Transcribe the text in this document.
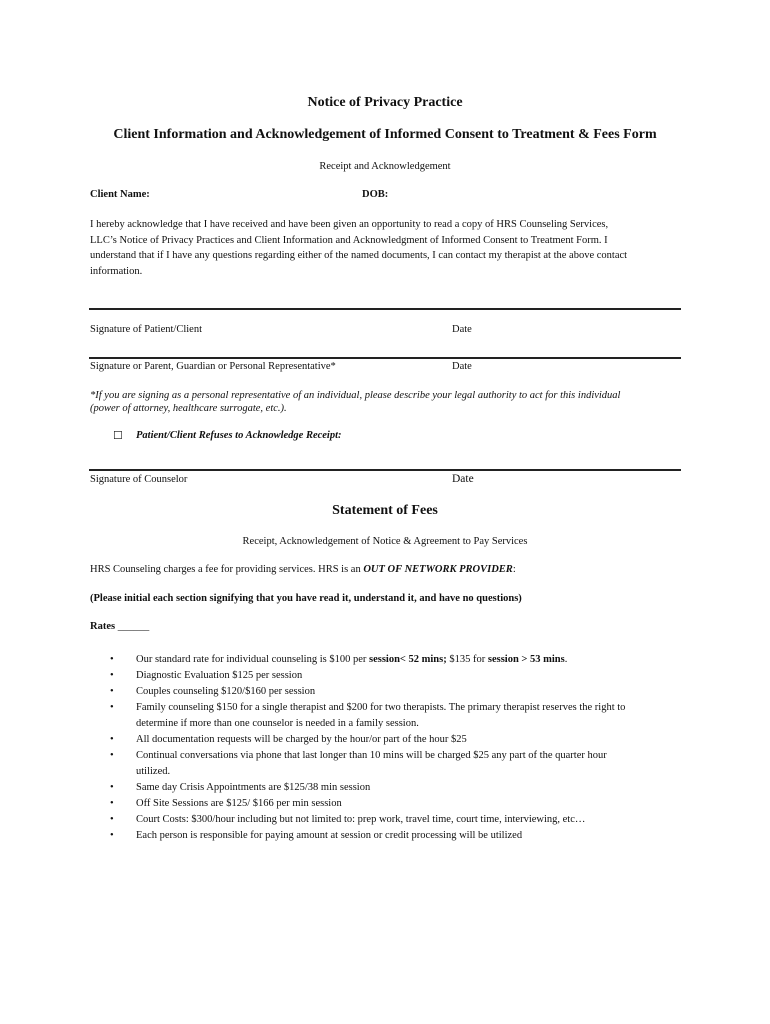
Notice of Privacy Practice
Client Information and Acknowledgement of Informed Consent to Treatment & Fees Form
Receipt and Acknowledgement
Client Name:	DOB:
I hereby acknowledge that I have received and have been given an opportunity to read a copy of HRS Counseling Services,
LLC’s Notice of Privacy Practices and Client Information and Acknowledgment of Informed Consent to Treatment Form. I
understand that if I have any questions regarding either of the named documents, I can contact my therapist at the above contact
information.
Signature of Patient/Client	Date
Signature or Parent, Guardian or Personal Representative*	Date
*If you are signing as a personal representative of an individual, please describe your legal authority to act for this individual
(power of attorney, healthcare surrogate, etc.).
☐ Patient/Client Refuses to Acknowledge Receipt:
Signature of Counselor	Date
Statement of Fees
Receipt, Acknowledgement of Notice & Agreement to Pay Services
HRS Counseling charges a fee for providing services. HRS is an OUT OF NETWORK PROVIDER:
(Please initial each section signifying that you have read it, understand it, and have no questions)
Rates ______
• Our standard rate for individual counseling is $100 per session< 52 mins; $135 for session > 53 mins.
• Diagnostic Evaluation $125 per session
• Couples counseling $120/$160 per session
• Family counseling $150 for a single therapist and $200 for two therapists. The primary therapist reserves the right to
determine if more than one counselor is needed in a family session.
• All documentation requests will be charged by the hour/or part of the hour $25
• Continual conversations via phone that last longer than 10 mins will be charged $25 any part of the quarter hour
utilized.
• Same day Crisis Appointments are $125/38 min session
• Off Site Sessions are $125/ $166 per min session
• Court Costs: $300/hour including but not limited to: prep work, travel time, court time, interviewing, etc…
• Each person is responsible for paying amount at session or credit processing will be utilized
